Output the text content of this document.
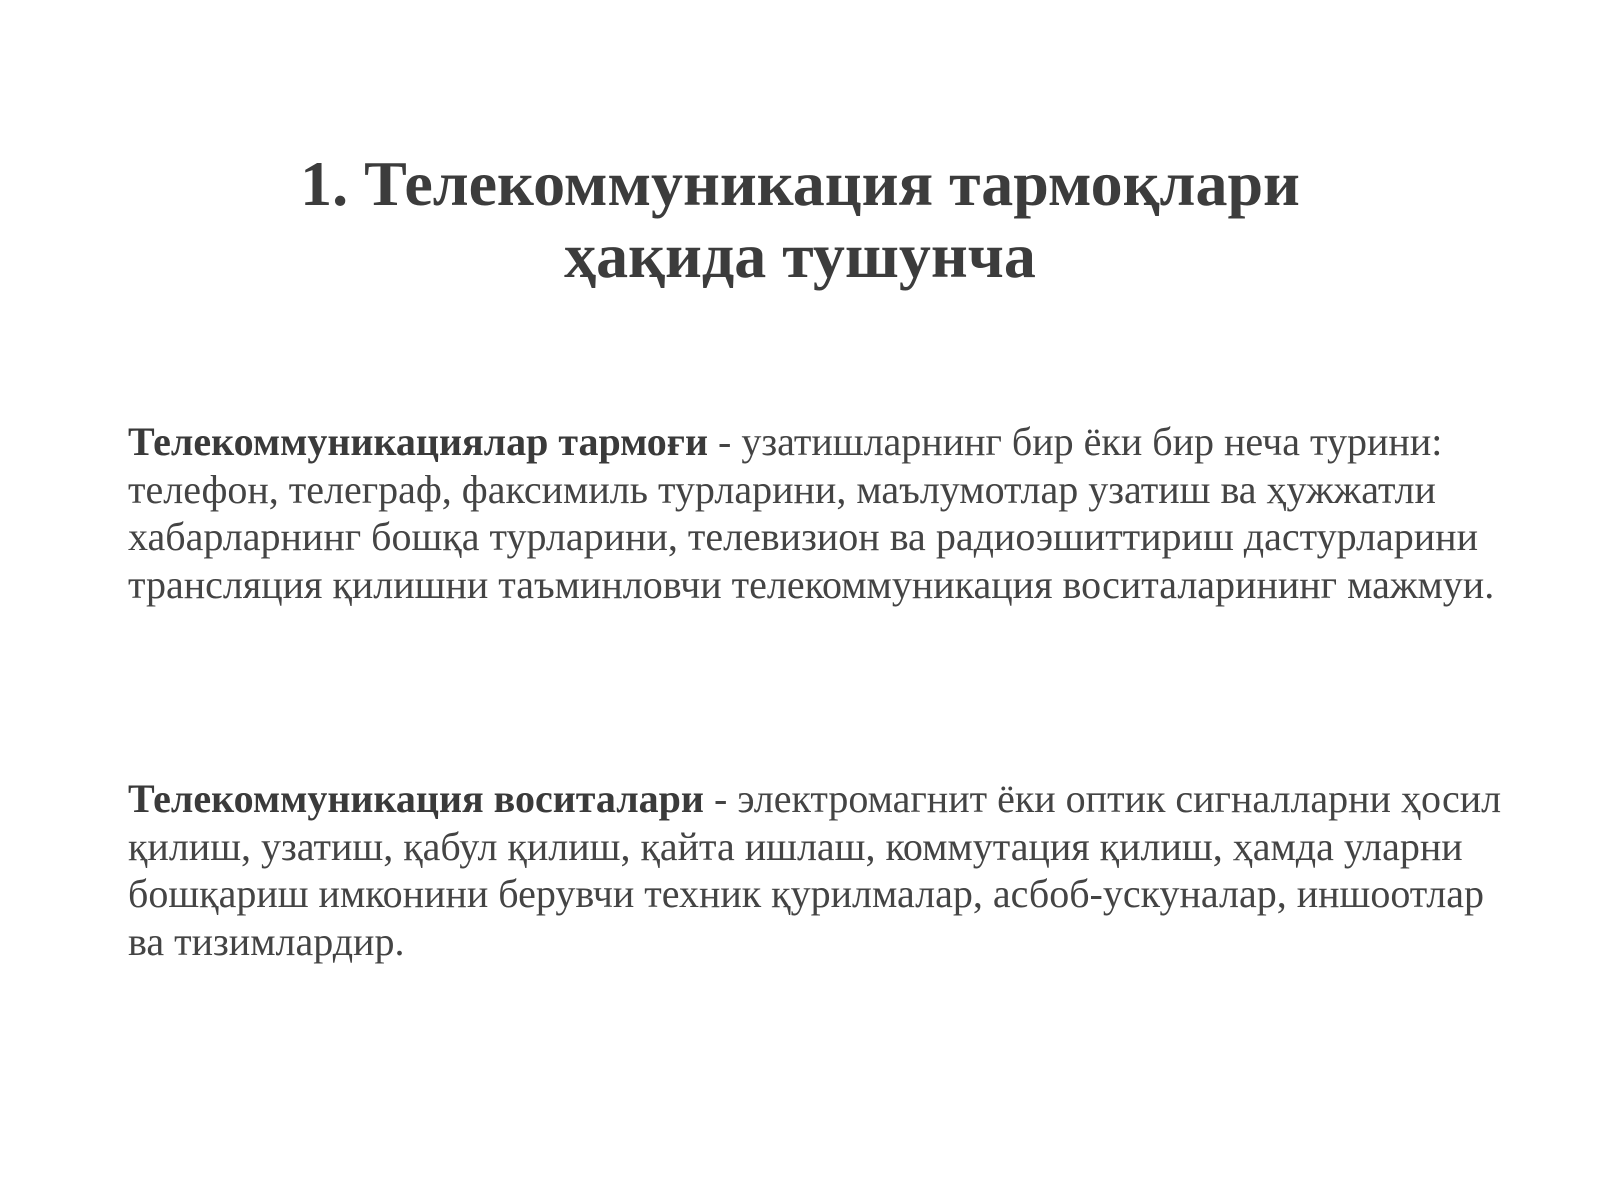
1. Телекоммуникация тармоқлари
ҳақида тушунча

Телекоммуникациялар тармоғи - узатишларнинг бир ёки бир неча турини: телефон, телеграф, факсимиль турларини, маълумотлар узатиш ва ҳужжатли хабарларнинг бошқа турларини, телевизион ва радиоэшиттириш дастурларини трансляция қилишни таъминловчи телекоммуникация воситаларининг мажмуи.

Телекоммуникация воситалари - электромагнит ёки оптик сигналларни ҳосил қилиш, узатиш, қабул қилиш, қайта ишлаш, коммутация қилиш, ҳамда уларни бошқариш имконини берувчи техник қурилмалар, асбоб-ускуналар, иншоотлар ва тизимлардир.
